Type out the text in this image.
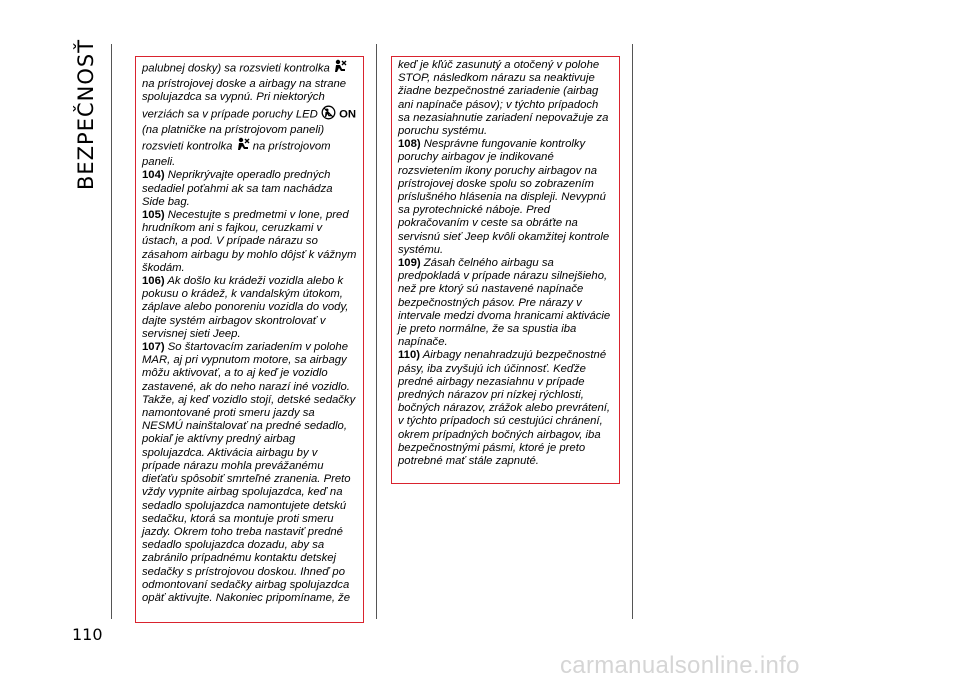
BEZPEČNOSŤ	palubnej dosky) sa rozsvieti kontrolka  na prístrojovej doske a airbagy na strane spolujazdca sa vypnú. Pri niektorých verziách sa v prípade poruchy LED ON (na platničke na prístrojovom paneli) rozsvieti kontrolka na prístrojovom paneli.

104) Neprikrývajte operadlo predných sedadiel poťahmi ak sa tam nachádza Side bag.

105) Necestujte s predmetmi v lone, pred hrudníkom ani s fajkou, ceruzkami v ústach, a pod. V prípade nárazu so zásahom airbagu by mohlo dôjsť k vážnym škodám.

106) Ak došlo ku krádeži vozidla alebo k pokusu o krádež, k vandalským útokom, záplave alebo ponoreniu vozidla do vody, dajte systém airbagov skontrolovať v servisnej sieti Jeep.

107) So štartovacím zariadením v polohe MAR, aj pri vypnutom motore, sa airbagy môžu aktivovať, a to aj keď je vozidlo zastavené, ak do neho narazí iné vozidlo. Takže, aj keď vozidlo stojí, detské sedačky namontované proti smeru jazdy sa NESMÚ nainštalovať na predné sedadlo, pokiaľ je aktívny predný airbag spolujazdca. Aktivácia airbagu by v prípade nárazu mohla prevážanému dieťaťu spôsobiť smrteľné zranenia. Preto vždy vypnite airbag spolujazdca, keď na sedadlo spolujazdca namontujete detskú sedačku, ktorá sa montuje proti smeru jazdy. Okrem toho treba nastaviť predné sedadlo spolujazdca dozadu, aby sa zabránilo prípadnému kontaktu detskej sedačky s prístrojovou doskou. Ihneď po odmontovaní sedačky airbag spolujazdca opäť aktivujte. Nakoniec pripomíname, že

keď je kľúč zasunutý a otočený v polohe STOP, následkom nárazu sa neaktivuje žiadne bezpečnostné zariadenie (airbag ani napínače pásov); v týchto prípadoch sa nezasiahnutie zariadení nepovažuje za poruchu systému.

108) Nesprávne fungovanie kontrolky poruchy airbagov je indikované rozsvietením ikony poruchy airbagov na prístrojovej doske spolu so zobrazením príslušného hlásenia na displeji. Nevypnú sa pyrotechnické náboje. Pred pokračovaním v ceste sa obráťte na servisnú sieť Jeep kvôli okamžitej kontrole systému.

109) Zásah čelného airbagu sa predpokladá v prípade nárazu silnejšieho, než pre ktorý sú nastavené napínače bezpečnostných pásov. Pre nárazy v intervale medzi dvoma hranicami aktivácie je preto normálne, že sa spustia iba napínače.

110) Airbagy nenahradzujú bezpečnostné pásy, iba zvyšujú ich účinnosť. Keďže predné airbagy nezasiahnu v prípade predných nárazov pri nízkej rýchlosti, bočných nárazov, zrážok alebo prevrátení, v týchto prípadoch sú cestujúci chránení, okrem prípadných bočných airbagov, iba bezpečnostnými pásmi, ktoré je preto potrebné mať stále zapnuté.

110
carmanualsonline.info
